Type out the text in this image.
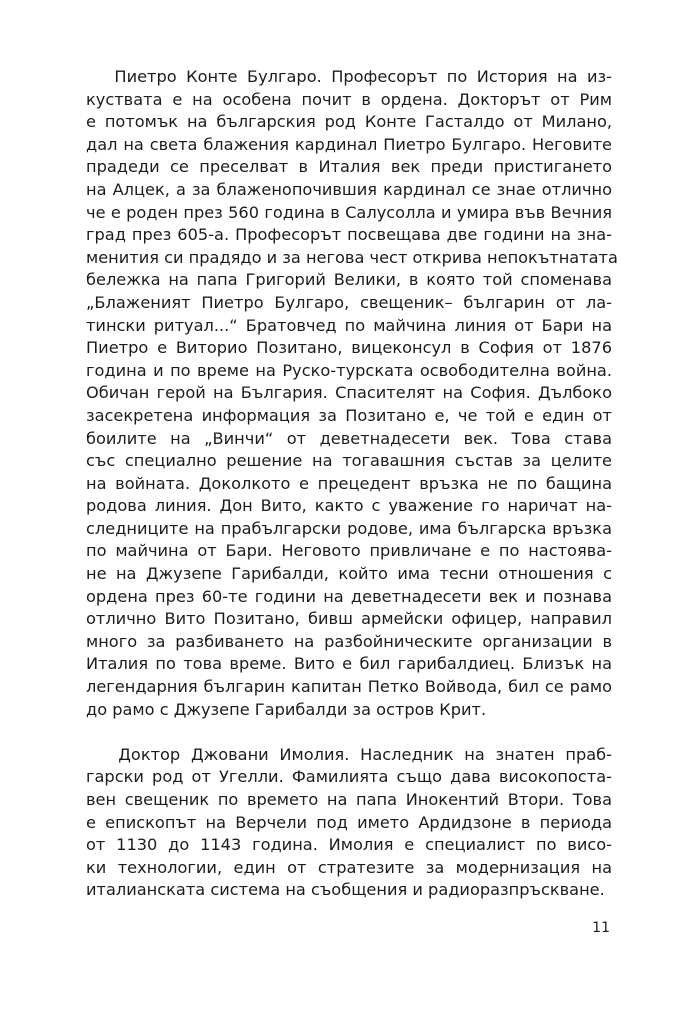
Пиетро Конте Булгаро. Професорът по История на из-
куствата е на особена почит в ордена. Докторът от Рим
е потомък на българския род Конте Гасталдо от Милано,
дал на света блажения кардинал Пиетро Булгаро. Неговите
прадеди се преселват в Италия век преди пристигането
на Алцек, а за блаженопочившия кардинал се знае отлично
че е роден през 560 година в Салусолла и умира във Вечния
град през 605-а. Професорът посвещава две години на зна-
менития си прадядо и за негова чест открива непокътнатата
бележка на папа Григорий Велики, в която той споменава
„Блаженият Пиетро Булгаро, свещеник– българин от ла-
тински ритуал...“ Братовчед по майчина линия от Бари на
Пиетро е Виторио Позитано, вицеконсул в София от 1876
година и по време на Руско-турската освободителна война.
Обичан герой на България. Спасителят на София. Дълбоко
засекретена информация за Позитано е, че той е един от
боилите на „Винчи“ от деветнадесети век. Това става
със специално решение на тогавашния състав за целите
на войната. Доколкото е прецедент връзка не по бащина
родова линия. Дон Вито, както с уважение го наричат на-
следниците на прабългарски родове, има българска връзка
по майчина от Бари. Неговото привличане е по настоява-
не на Джузепе Гарибалди, който има тесни отношения с
ордена през 60-те години на деветнадесети век и познава
отлично Вито Позитано, бивш армейски офицер, направил
много за разбиването на разбойническите организации в
Италия по това време. Вито е бил гарибалдиец. Близък на
легендарния българин капитан Петко Войвода, бил се рамо
до рамо с Джузепе Гарибалди за остров Крит.
Доктор Джовани Имолия. Наследник на знатен праб-
гарски род от Угелли. Фамилията също дава високопоста-
вен свещеник по времето на папа Инокентий Втори. Това
е епископът на Верчели под името Ардидзоне в периода
от 1130 до 1143 година. Имолия е специалист по висо-
ки технологии, един от стратезите за модернизация на
италианската система на съобщения и радиоразпръскване.
11
